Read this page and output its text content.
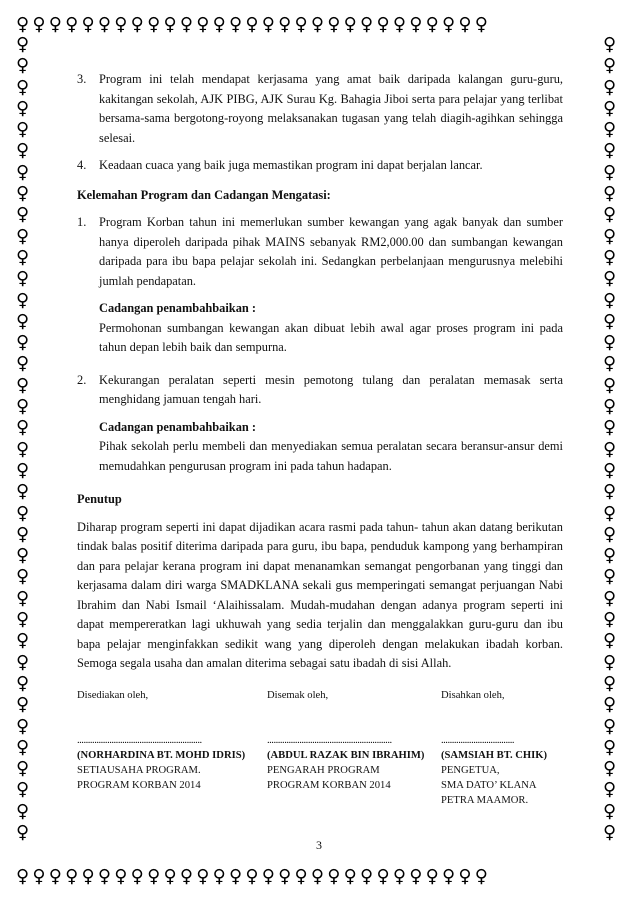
♀♀♀♀♀♀♀♀♀♀♀♀♀♀♀♀♀♀♀♀♀♀♀♀♀♀♀♀♀
♀♀♀♀♀♀♀♀♀♀♀♀♀♀♀♀♀♀♀♀♀♀♀♀♀♀♀♀♀
♀
♀
♀
♀
♀
♀
♀
♀
♀
♀
♀
♀
♀
♀
♀
♀
♀
♀
♀
♀
♀
♀
♀
♀
♀
♀
♀
♀
♀
♀
♀
♀
♀
♀
♀
♀
♀
♀
♀
♀
♀
♀
♀
♀
♀
♀
♀
♀
♀
♀
♀
♀
♀
♀
♀
♀
♀
♀
♀
♀
♀
♀
♀
♀
♀
♀
♀
♀
♀
♀
♀
♀
♀
♀
♀
♀
3.	Program ini telah mendapat kerjasama yang amat baik daripada kalangan guru-guru, kakitangan sekolah, AJK PIBG, AJK Surau Kg. Bahagia Jiboi serta para pelajar yang terlibat bersama-sama bergotong-royong melaksanakan tugasan yang telah diagih-agihkan sehingga selesai.
4.	Keadaan cuaca yang baik juga memastikan program ini dapat berjalan lancar.
Kelemahan Program dan Cadangan Mengatasi:
1.	Program Korban tahun ini memerlukan sumber kewangan yang agak banyak dan sumber hanya diperoleh daripada pihak MAINS sebanyak RM2,000.00 dan sumbangan kewangan daripada para ibu bapa pelajar sekolah ini. Sedangkan perbelanjaan mengurusnya melebihi jumlah pendapatan.
Cadangan penambahbaikan :
Permohonan sumbangan kewangan akan dibuat lebih awal agar proses program ini pada tahun depan lebih baik dan sempurna.
2.	Kekurangan peralatan seperti mesin pemotong tulang dan peralatan memasak serta menghidang jamuan tengah hari.
Cadangan penambahbaikan :
Pihak sekolah perlu membeli dan menyediakan semua peralatan secara beransur-ansur demi memudahkan pengurusan program ini pada tahun hadapan.
Penutup
Diharap program seperti ini dapat dijadikan acara rasmi pada tahun- tahun akan datang berikutan tindak balas positif diterima daripada para guru, ibu bapa, penduduk kampong yang berhampiran dan para pelajar kerana program ini dapat menanamkan semangat pengorbanan yang tinggi dan kerjasama dalam diri warga SMADKLANA sekali gus memperingati semangat perjuangan Nabi Ibrahim dan Nabi Ismail ‘Alaihissalam. Mudah-mudahan dengan adanya program seperti ini dapat mempereratkan lagi ukhuwah yang sedia terjalin dan menggalakkan guru-guru dan ibu bapa pelajar menginfakkan sedikit wang yang diperoleh dengan melakukan ibadah korban. Semoga segala usaha dan amalan diterima sebagai satu ibadah di sisi Allah.
Disediakan oleh,
..........................................................
(NORHARDINA BT. MOHD IDRIS)
SETIAUSAHA PROGRAM.
PROGRAM KORBAN 2014
Disemak oleh,
..........................................................
(ABDUL RAZAK BIN IBRAHIM)
PENGARAH PROGRAM
PROGRAM KORBAN 2014
Disahkan oleh,
..................................
(SAMSIAH BT. CHIK)
PENGETUA,
SMA DATO’ KLANA
PETRA MAAMOR.
3
